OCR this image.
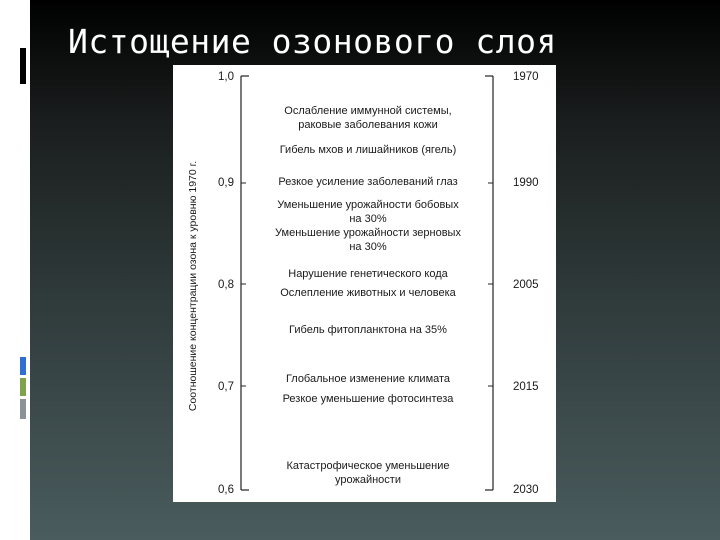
Истощение озонового слоя
Соотношение концентрации озона к уровню 1970 г.
1,0
0,9
0,8
0,7
0,6
1970
1990
2005
2015
2030
Ослабление иммунной системы,
раковые заболевания кожи
Гибель мхов и лишайников (ягель)
Резкое усиление заболеваний глаз
Уменьшение урожайности бобовых
на 30%
Уменьшение урожайности зерновых
на 30%
Нарушение генетического кода
Ослепление животных и человека
Гибель фитопланктона на 35%
Глобальное изменение климата
Резкое уменьшение фотосинтеза
Катастрофическое уменьшение
урожайности
